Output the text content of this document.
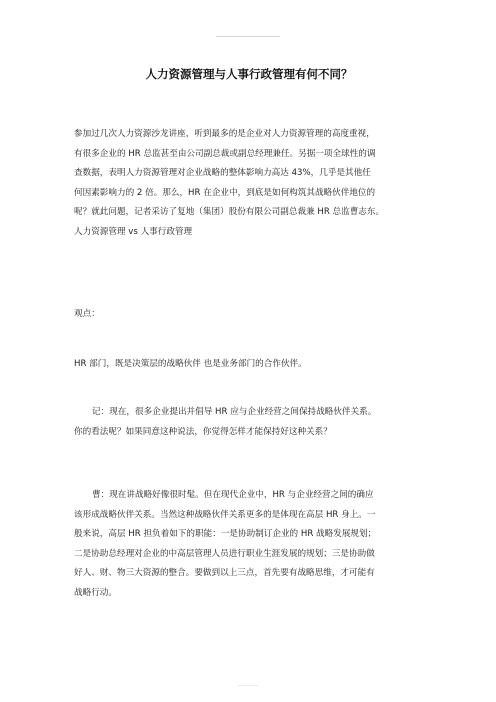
人力资源管理与人事行政管理有何不同？
参加过几次人力资源沙龙讲座，听到最多的是企业对人力资源管理的高度重视，
有很多企业的 HR 总监甚至由公司副总裁或副总经理兼任。另据一项全球性的调
查数据，表明人力资源管理对企业战略的整体影响力高达 43%，几乎是其他任
何因素影响力的 2 倍。那么，HR 在企业中，到底是如何构筑其战略伙伴地位的
呢？就此问题，记者采访了复地（集团）股份有限公司副总裁兼 HR 总监曹志东。
人力资源管理 vs 人事行政管理
观点：
HR 部门，既是决策层的战略伙伴 也是业务部门的合作伙伴。
记：现在，很多企业提出并倡导 HR 应与企业经营之间保持战略伙伴关系。
你的看法呢？如果同意这种说法，你觉得怎样才能保持好这种关系？
曹：现在讲战略好像很时髦。但在现代企业中，HR 与企业经营之间的确应
该形成战略伙伴关系。当然这种战略伙伴关系更多的是体现在高层 HR 身上。一
般来说，高层 HR 担负着如下的职能：一是协助制订企业的 HR 战略发展规划；
二是协助总经理对企业的中高层管理人员进行职业生涯发展的规划；三是协助做
好人、财、物三大资源的整合。要做到以上三点，首先要有战略思维，才可能有
战略行动。
